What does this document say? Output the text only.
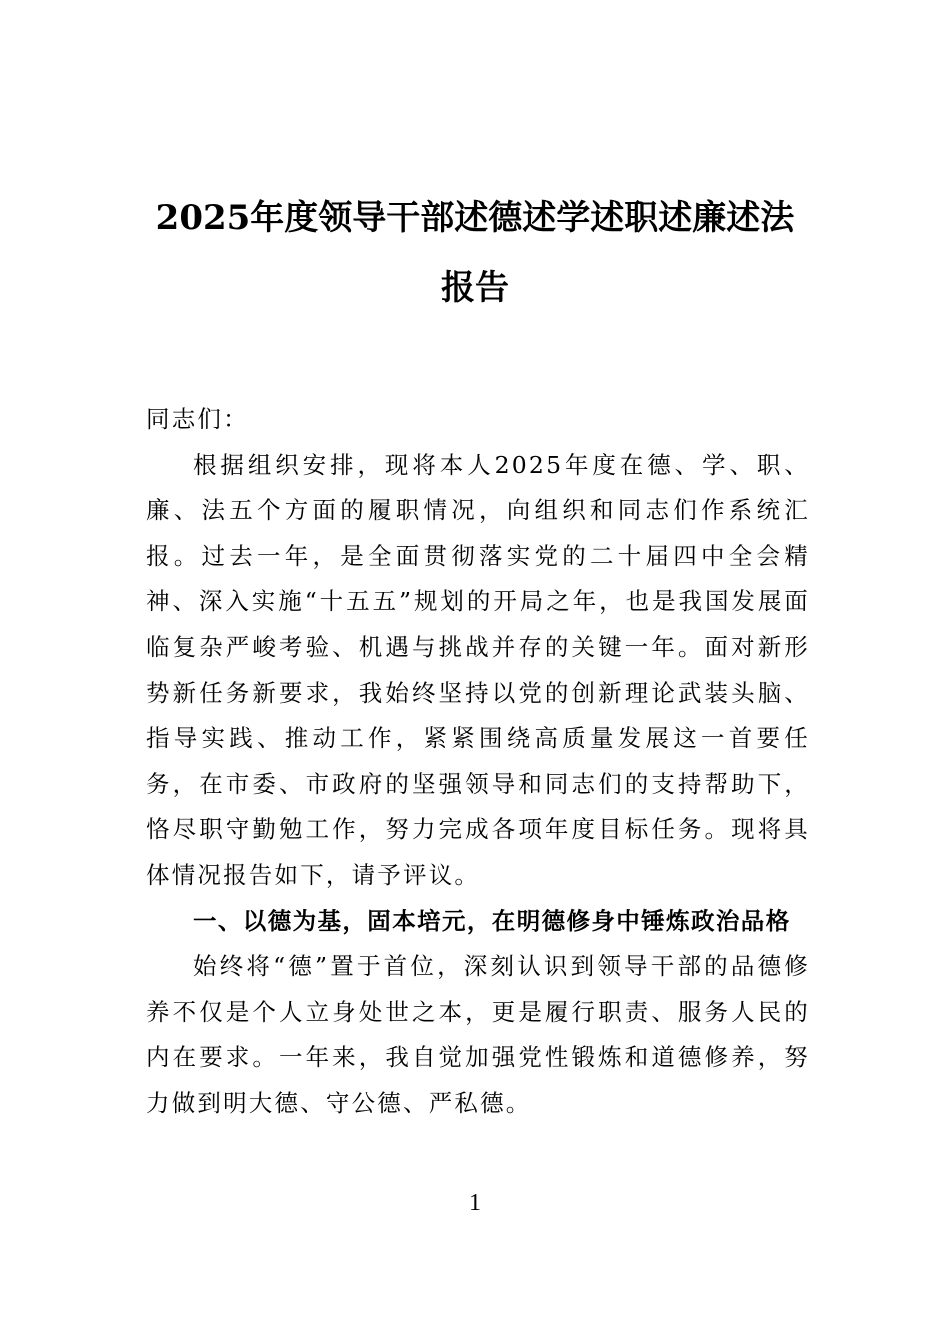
2025年度领导干部述德述学述职述廉述法
报告

同志们：

根据组织安排，现将本人2025年度在德、学、职、廉、法五个方面的履职情况，向组织和同志们作系统汇报。过去一年，是全面贯彻落实党的二十届四中全会精神、深入实施“十五五”规划的开局之年，也是我国发展面临复杂严峻考验、机遇与挑战并存的关键一年。面对新形势新任务新要求，我始终坚持以党的创新理论武装头脑、指导实践、推动工作，紧紧围绕高质量发展这一首要任务，在市委、市政府的坚强领导和同志们的支持帮助下，恪尽职守勤勉工作，努力完成各项年度目标任务。现将具体情况报告如下，请予评议。

一、以德为基，固本培元，在明德修身中锤炼政治品格

始终将“德”置于首位，深刻认识到领导干部的品德修养不仅是个人立身处世之本，更是履行职责、服务人民的内在要求。一年来，我自觉加强党性锻炼和道德修养，努力做到明大德、守公德、严私德。

1
